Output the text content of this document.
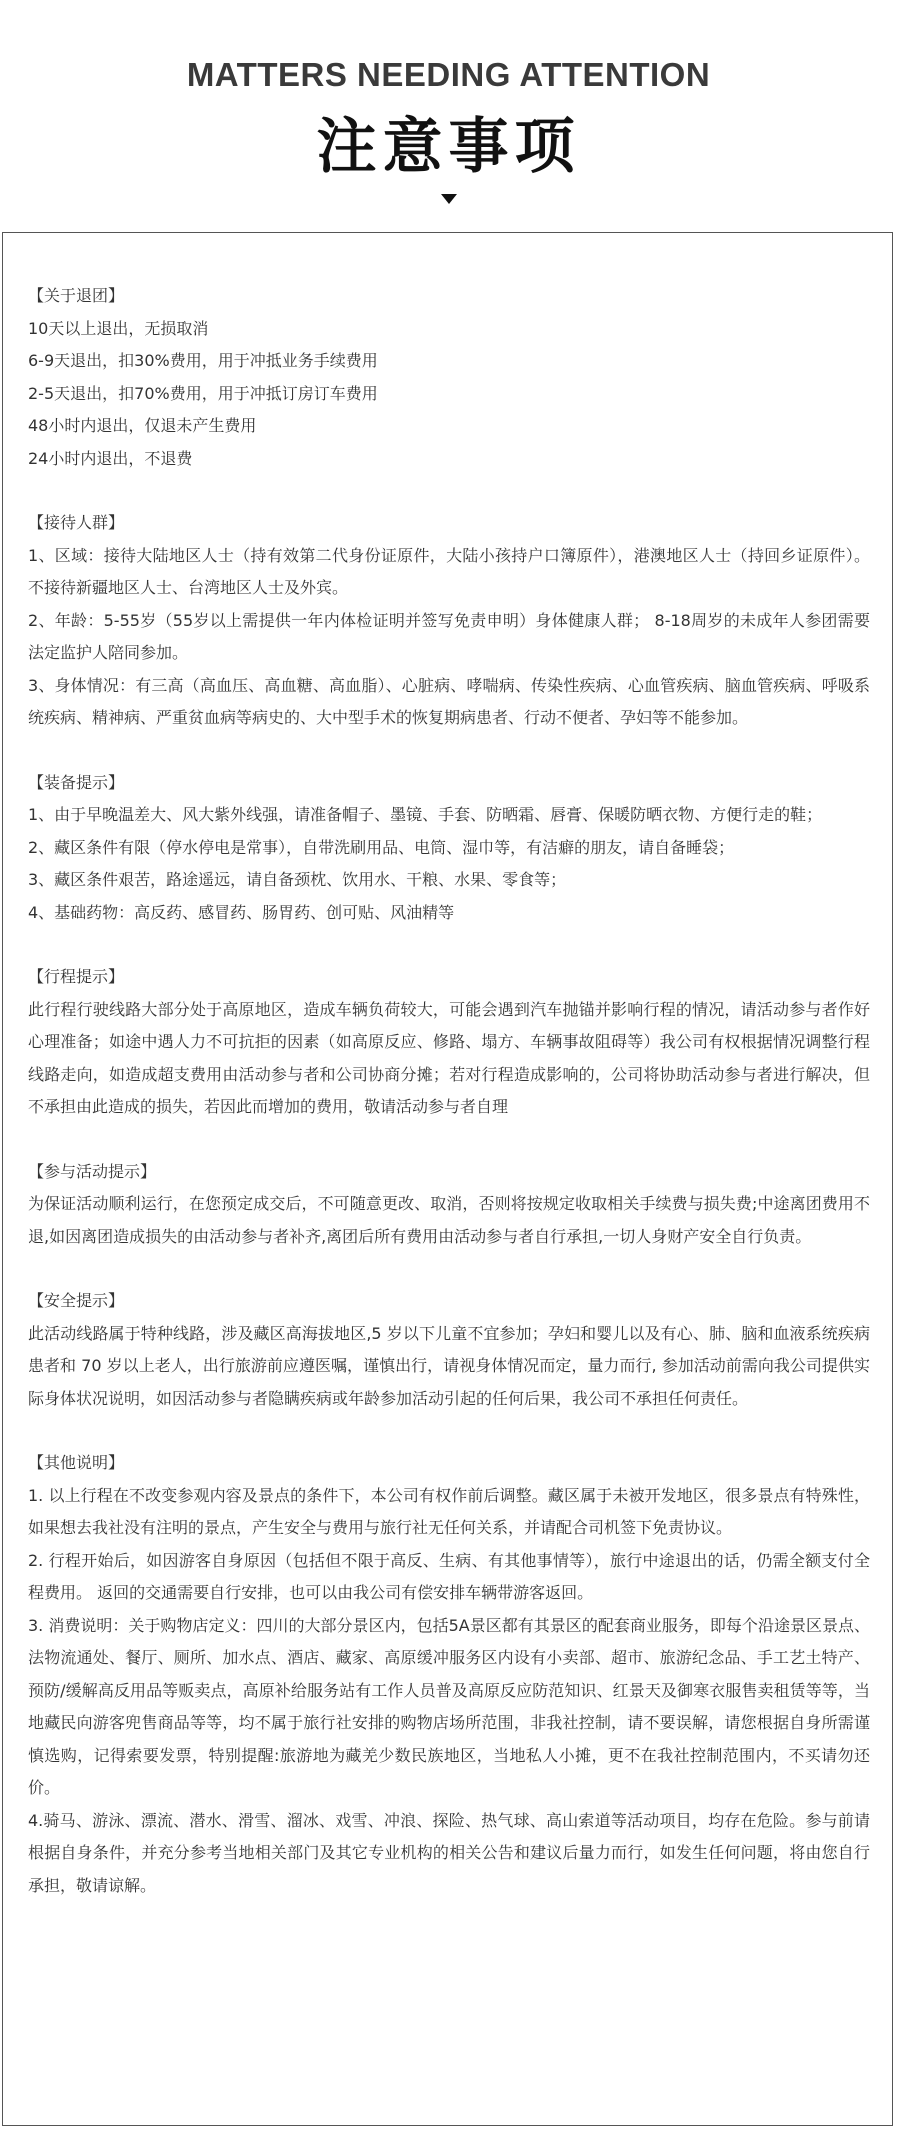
MATTERS NEEDING ATTENTION
注意事项

【关于退团】

10天以上退出，无损取消

6-9天退出，扣30%费用，用于冲抵业务手续费用

2-5天退出，扣70%费用，用于冲抵订房订车费用

48小时内退出，仅退未产生费用

24小时内退出，不退费

【接待人群】

1、区域：接待大陆地区人士（持有效第二代身份证原件，大陆小孩持户口簿原件），港澳地区人士（持回乡证原件）。不接待新疆地区人士、台湾地区人士及外宾。

2、年龄：5-55岁（55岁以上需提供一年内体检证明并签写免责申明）身体健康人群； 8-18周岁的未成年人参团需要法定监护人陪同参加。

3、身体情况：有三高（高血压、高血糖、高血脂）、心脏病、哮喘病、传染性疾病、心血管疾病、脑血管疾病、呼吸系统疾病、精神病、严重贫血病等病史的、大中型手术的恢复期病患者、行动不便者、孕妇等不能参加。

【装备提示】

1、由于早晚温差大、风大紫外线强，请准备帽子、墨镜、手套、防晒霜、唇膏、保暖防晒衣物、方便行走的鞋；

2、藏区条件有限（停水停电是常事），自带洗刷用品、电筒、湿巾等，有洁癖的朋友，请自备睡袋；

3、藏区条件艰苦，路途遥远，请自备颈枕、饮用水、干粮、水果、零食等；

4、基础药物：高反药、感冒药、肠胃药、创可贴、风油精等

【行程提示】

此行程行驶线路大部分处于高原地区，造成车辆负荷较大，可能会遇到汽车抛锚并影响行程的情况，请活动参与者作好心理准备；如途中遇人力不可抗拒的因素（如高原反应、修路、塌方、车辆事故阻碍等）我公司有权根据情况调整行程线路走向，如造成超支费用由活动参与者和公司协商分摊；若对行程造成影响的，公司将协助活动参与者进行解决，但不承担由此造成的损失，若因此而增加的费用，敬请活动参与者自理

【参与活动提示】

为保证活动顺利运行，在您预定成交后，不可随意更改、取消，否则将按规定收取相关手续费与损失费;中途离团费用不退,如因离团造成损失的由活动参与者补齐,离团后所有费用由活动参与者自行承担,一切人身财产安全自行负责。

【安全提示】

此活动线路属于特种线路，涉及藏区高海拔地区,5 岁以下儿童不宜参加；孕妇和婴儿以及有心、肺、脑和血液系统疾病患者和 70 岁以上老人，出行旅游前应遵医嘱，谨慎出行，请视身体情况而定，量力而行, 参加活动前需向我公司提供实际身体状况说明，如因活动参与者隐瞒疾病或年龄参加活动引起的任何后果，我公司不承担任何责任。

【其他说明】

1. 以上行程在不改变参观内容及景点的条件下，本公司有权作前后调整。藏区属于未被开发地区，很多景点有特殊性，如果想去我社没有注明的景点，产生安全与费用与旅行社无任何关系，并请配合司机签下免责协议。

2. 行程开始后，如因游客自身原因（包括但不限于高反、生病、有其他事情等），旅行中途退出的话，仍需全额支付全程费用。 返回的交通需要自行安排，也可以由我公司有偿安排车辆带游客返回。

3. 消费说明：关于购物店定义：四川的大部分景区内，包括5A景区都有其景区的配套商业服务，即每个沿途景区景点、法物流通处、餐厅、厕所、加水点、酒店、藏家、高原缓冲服务区内设有小卖部、超市、旅游纪念品、手工艺土特产、预防/缓解高反用品等贩卖点，高原补给服务站有工作人员普及高原反应防范知识、红景天及御寒衣服售卖租赁等等，当地藏民向游客兜售商品等等，均不属于旅行社安排的购物店场所范围，非我社控制，请不要误解，请您根据自身所需谨慎选购，记得索要发票，特别提醒:旅游地为藏羌少数民族地区，当地私人小摊，更不在我社控制范围内，不买请勿还价。

4.骑马、游泳、漂流、潜水、滑雪、溜冰、戏雪、冲浪、探险、热气球、高山索道等活动项目，均存在危险。参与前请根据自身条件，并充分参考当地相关部门及其它专业机构的相关公告和建议后量力而行，如发生任何问题，将由您自行承担，敬请谅解。
